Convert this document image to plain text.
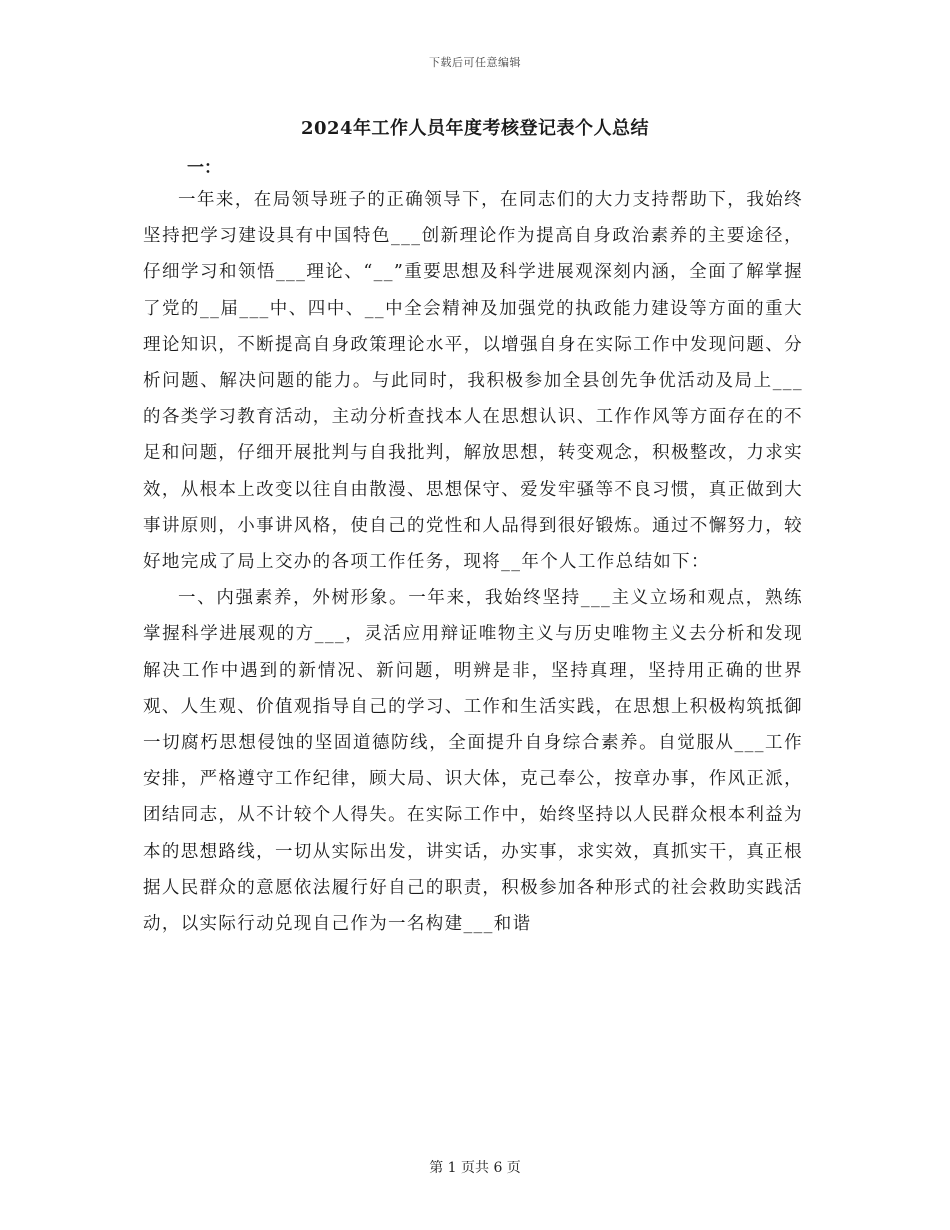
下载后可任意编辑
2024年工作人员年度考核登记表个人总结
一：

一年来，在局领导班子的正确领导下，在同志们的大力支持帮助下，我始终坚持把学习建设具有中国特色___创新理论作为提高自身政治素养的主要途径，仔细学习和领悟___理论、“__”重要思想及科学进展观深刻内涵，全面了解掌握了党的__届___中、四中、__中全会精神及加强党的执政能力建设等方面的重大理论知识，不断提高自身政策理论水平，以增强自身在实际工作中发现问题、分析问题、解决问题的能力。与此同时，我积极参加全县创先争优活动及局上___的各类学习教育活动，主动分析查找本人在思想认识、工作作风等方面存在的不足和问题，仔细开展批判与自我批判，解放思想，转变观念，积极整改，力求实效，从根本上改变以往自由散漫、思想保守、爱发牢骚等不良习惯，真正做到大事讲原则，小事讲风格，使自己的党性和人品得到很好锻炼。通过不懈努力，较好地完成了局上交办的各项工作任务，现将__年个人工作总结如下：

一、内强素养，外树形象。一年来，我始终坚持___主义立场和观点，熟练掌握科学进展观的方___，灵活应用辩证唯物主义与历史唯物主义去分析和发现解决工作中遇到的新情况、新问题，明辨是非，坚持真理，坚持用正确的世界观、人生观、价值观指导自己的学习、工作和生活实践，在思想上积极构筑抵御一切腐朽思想侵蚀的坚固道德防线，全面提升自身综合素养。自觉服从___工作安排，严格遵守工作纪律，顾大局、识大体，克己奉公，按章办事，作风正派，团结同志，从不计较个人得失。在实际工作中，始终坚持以人民群众根本利益为本的思想路线，一切从实际出发，讲实话，办实事，求实效，真抓实干，真正根据人民群众的意愿依法履行好自己的职责，积极参加各种形式的社会救助实践活动，以实际行动兑现自己作为一名构建___和谐

第 1 页共 6 页
